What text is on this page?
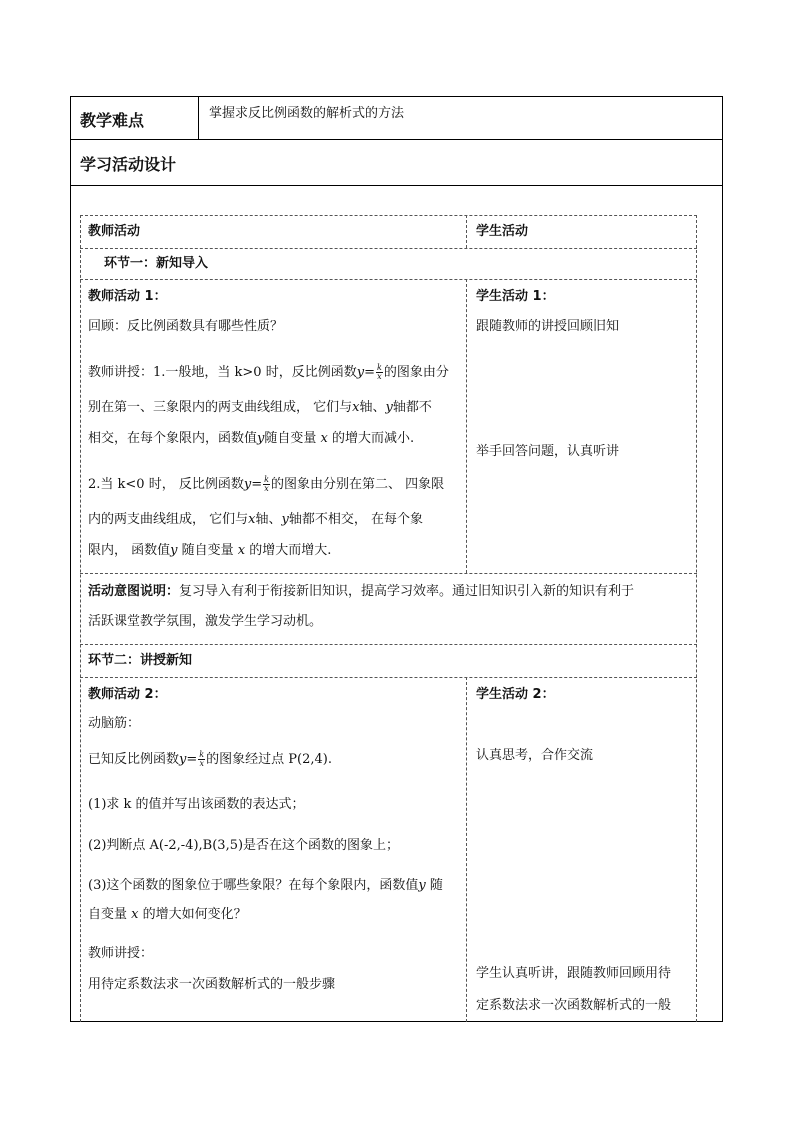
教学难点	掌握求反比例函数的解析式的方法
学习活动设计
教师活动	学生活动
环节一：新知导入
教师活动 1：
回顾：反比例函数具有哪些性质？
教师讲授：1.一般地，当 k>0 时，反比例函数$y= \frac{k}{x}$ 的图象由分
别在第一、三象限内的两支曲线组成， 它们与x轴、y轴都不
相交，在每个象限内，函数值y随自变量 x 的增大而减小.
2.当 k<0 时， 反比例函数$y= \frac{k}{x}$ 的图象由分别在第二、 四象限
内的两支曲线组成， 它们与x轴、y轴都不相交， 在每个象
限内， 函数值y 随自变量 x 的增大而增大.
学生活动 1：
跟随教师的讲授回顾旧知
举手回答问题，认真听讲
活动意图说明：复习导入有利于衔接新旧知识，提高学习效率。通过旧知识引入新的知识有利于
活跃课堂教学氛围，激发学生学习动机。
环节二：讲授新知
教师活动 2：
动脑筋：
已知反比例函数$y= \frac{k}{x}$ 的图象经过点 P(2,4).
(1)求 k 的值并写出该函数的表达式；
(2)判断点 A(-2,-4),B(3,5)是否在这个函数的图象上；
(3)这个函数的图象位于哪些象限？在每个象限内，函数值y 随
自变量 x 的增大如何变化？
教师讲授：
用待定系数法求一次函数解析式的一般步骤
学生活动 2：
认真思考，合作交流
学生认真听讲，跟随教师回顾用待
定系数法求一次函数解析式的一般
